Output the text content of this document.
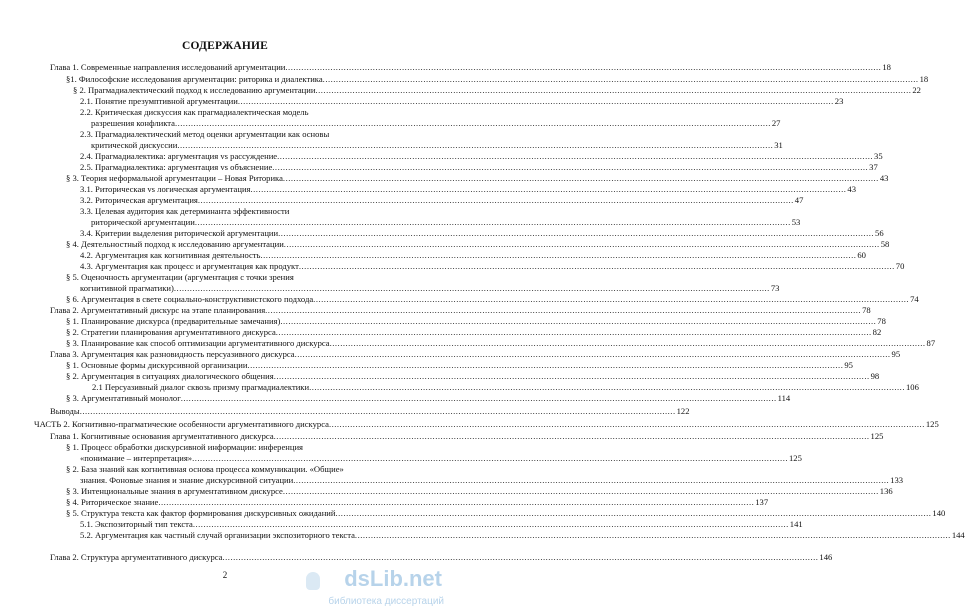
СОДЕРЖАНИЕ
Глава 1. Современные направления исследований аргументации .....	18
§1. Философские исследования аргументации: риторика и диалектика .....	18
§ 2. Прагмадиалектический подход к исследованию аргументации .....	22
2.1. Понятие презумптивной аргументации .....	23
2.2. Критическая дискуссия как прагмадиалектическая модель
разрешения конфликта .....	27
2.3. Прагмадиалектический метод оценки аргументации как основы
критической дискуссии .....	31
2.4. Прагмадиалектика: аргументация vs рассуждение .....	35
2.5. Прагмадиалектика: аргументация vs объяснение .....	37
§ 3. Теория неформальной аргументации – Новая Риторика .....	43
3.1. Риторическая vs логическая аргументация .....	43
3.2. Риторическая аргументация .....	47
3.3. Целевая аудитория как детерминанта эффективности
риторической аргументации .....	53
3.4. Критерии выделения риторической аргументации .....	56
§ 4. Деятельностный подход к исследованию аргументации .....	58
4.2. Аргументация как когнитивная деятельность .....	60
4.3. Аргументация как процесс и аргументация как продукт .....	70
§ 5. Оценочность аргументации (аргументация с точки зрения
когнитивной прагматики) .....	73
§ 6. Аргументация в свете социально-конструктивистского подхода .....	74
Глава 2. Аргументативный дискурс на этапе планирования .....	78
§ 1. Планирование дискурса (предварительные замечания) .....	78
§ 2. Стратегии планирования аргументативного дискурса .....	82
§ 3. Планирование как способ оптимизации аргументативного дискурса .....	87
Глава 3. Аргументация как разновидность персуазивного дискурса .....	95
§ 1. Основные формы дискурсивной организации .....	95
§ 2. Аргументация в ситуациях диалогического общения .....	98
2.1 Персуазивный диалог сквозь призму прагмадиалектики .....	106
§ 3. Аргументативный монолог .....	114
Выводы .....	122
ЧАСТЬ 2. Когнитивно-прагматические особенности аргументативного дискурса .....	125
Глава 1. Когнитивные основания аргументативного дискурса .....	125
§ 1. Процесс обработки дискурсивной информации: инференция
«понимание – интерпретация» .....	125
§ 2. База знаний как когнитивная основа процесса коммуникации. «Общие»
знания. Фоновые знания и знание дискурсивной ситуации .....	133
§ 3. Интенциональные знания в аргументативном дискурсе .....	136
§ 4. Риторическое знание .....	137
§ 5. Структура текста как фактор формирования дискурсивных ожиданий .....	140
5.1. Экспозиторный тип текста .....	141
5.2. Аргументация как частный случай организации экспозиторного текста .....	144
Глава 2. Структура аргументативного дискурса .....	146
2	dsLib.net
библиотека диссертаций
